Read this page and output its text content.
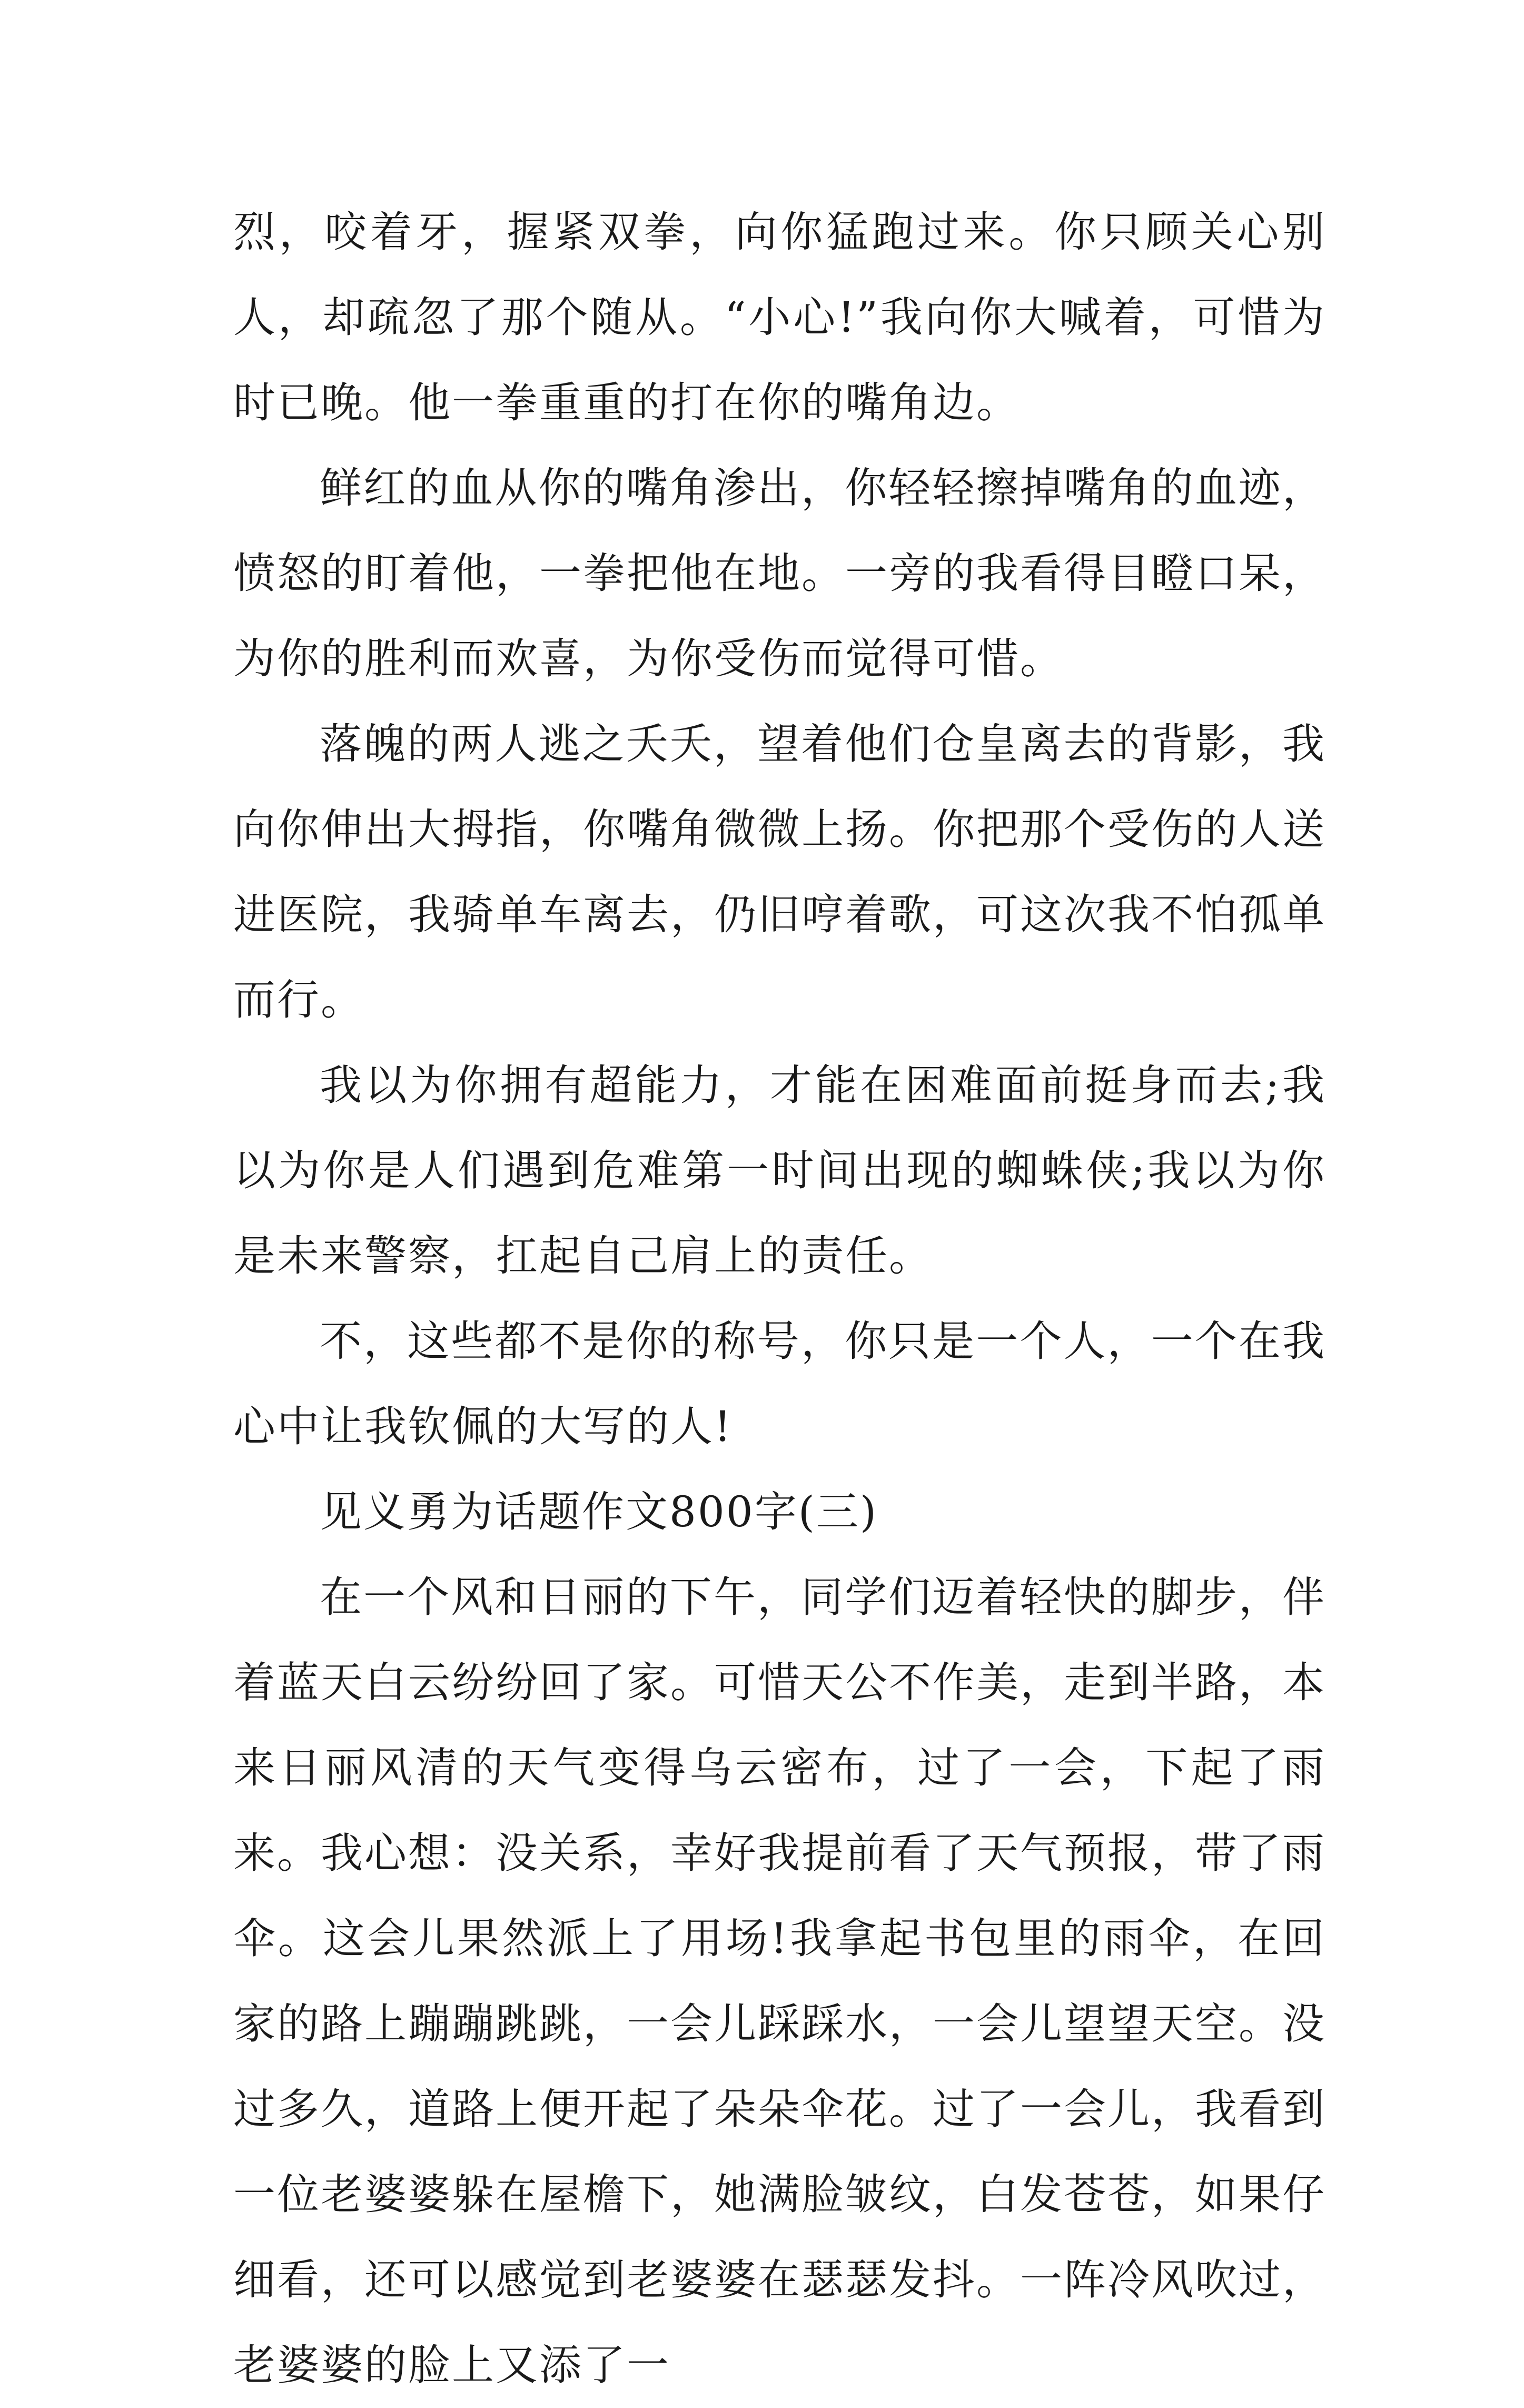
烈，咬着牙，握紧双拳，向你猛跑过来。你只顾关心别人，却疏忽了那个随从。“小心!”我向你大喊着，可惜为时已晚。他一拳重重的打在你的嘴角边。

鲜红的血从你的嘴角渗出，你轻轻擦掉嘴角的血迹，愤怒的盯着他，一拳把他在地。一旁的我看得目瞪口呆，为你的胜利而欢喜，为你受伤而觉得可惜。

落魄的两人逃之夭夭，望着他们仓皇离去的背影，我向你伸出大拇指，你嘴角微微上扬。你把那个受伤的人送进医院，我骑单车离去，仍旧哼着歌，可这次我不怕孤单而行。

我以为你拥有超能力，才能在困难面前挺身而去;我以为你是人们遇到危难第一时间出现的蜘蛛侠;我以为你是未来警察，扛起自己肩上的责任。

不，这些都不是你的称号，你只是一个人，一个在我心中让我钦佩的大写的人!

见义勇为话题作文800字(三)

在一个风和日丽的下午，同学们迈着轻快的脚步，伴着蓝天白云纷纷回了家。可惜天公不作美，走到半路，本来日丽风清的天气变得乌云密布，过了一会，下起了雨来。我心想：没关系，幸好我提前看了天气预报，带了雨伞。这会儿果然派上了用场!我拿起书包里的雨伞，在回家的路上蹦蹦跳跳，一会儿踩踩水，一会儿望望天空。没过多久，道路上便开起了朵朵伞花。过了一会儿，我看到一位老婆婆躲在屋檐下，她满脸皱纹，白发苍苍，如果仔细看，还可以感觉到老婆婆在瑟瑟发抖。一阵冷风吹过，老婆婆的脸上又添了一
